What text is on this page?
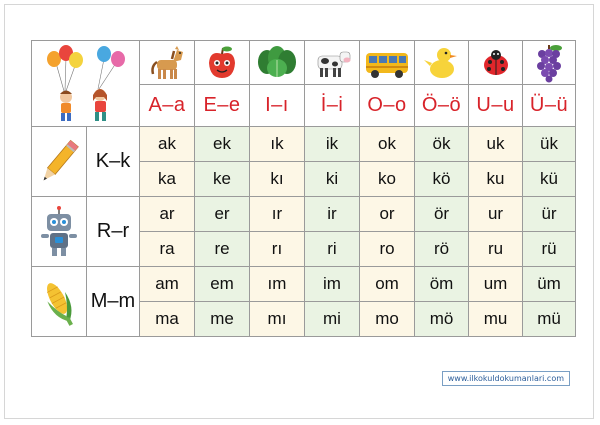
		A–a	E–e	I–ı	İ–i	O–o	Ö–ö	U–u	Ü–ü

	K–k	ak	ek	ık	ik	ok	ök	uk	ük
		ka	ke	kı	ki	ko	kö	ku	kü

	R–r	ar	er	ır	ir	or	ör	ur	ür
		ra	re	rı	ri	ro	rö	ru	rü

	M–m	am	em	ım	im	om	öm	um	üm
		ma	me	mı	mi	mo	mö	mu	mü
www.ilkokuldokumanlari.com
